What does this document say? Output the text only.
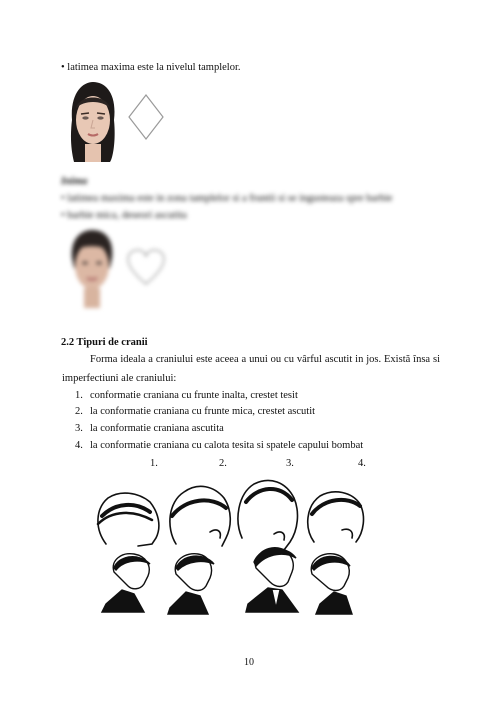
• latimea maxima este la nivelul tamplelor.
Inima
• latimea maxima este in zona tamplelor si a fruntii si se ingusteaza spre barbie
• barbie mica, deseori ascutita
2.2 Tipuri de cranii
Forma ideala a craniului este aceea a unui ou cu vârful ascutit in jos. Există însa si imperfectiuni ale craniului:
1. conformatie craniana cu frunte inalta, crestet tesit
2. la conformatie craniana cu frunte mica, crestet ascutit
3. la conformatie craniana ascutita
4. la conformatie craniana cu calota tesita si spatele capului bombat
1.	2.	3.	4.
10
